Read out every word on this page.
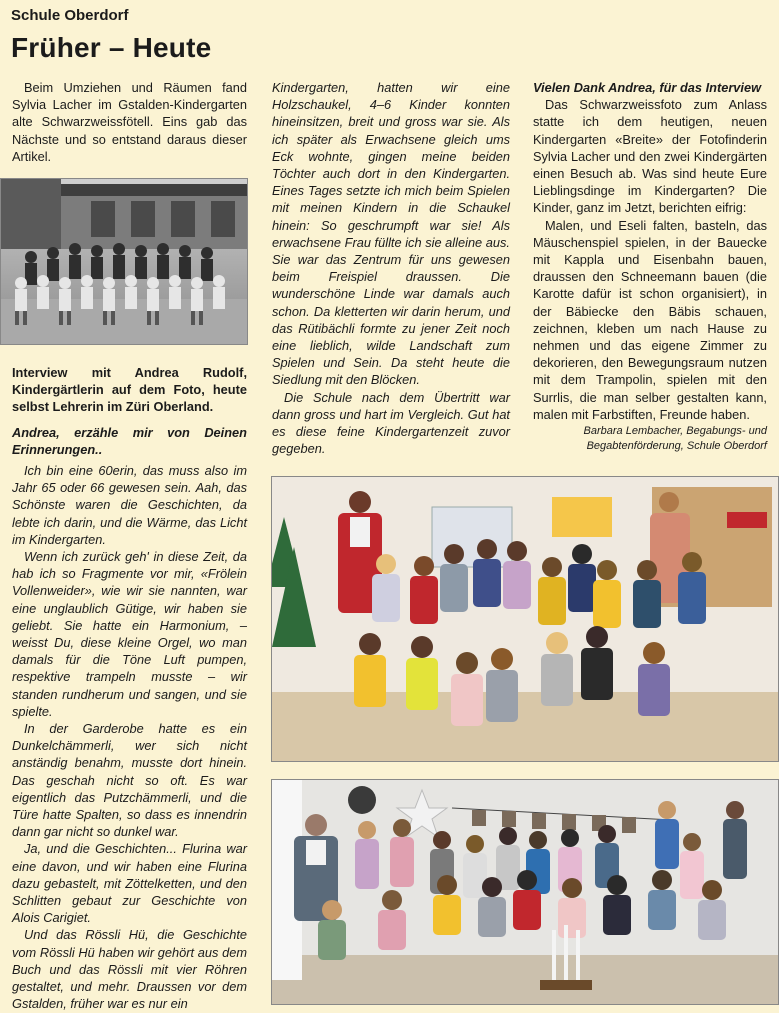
Schule Oberdorf
Früher – Heute

Beim Umziehen und Räumen fand Sylvia Lacher im Gstalden-Kindergarten alte Schwarzweissfötell. Eins gab das Nächste und so entstand daraus dieser Artikel.

Interview mit Andrea Rudolf, Kindergärtlerin auf dem Foto, heute selbst Lehrerin im Züri Oberland.

Andrea, erzähle mir von Deinen Erinnerungen..

Ich bin eine 60erin, das muss also im Jahr 65 oder 66 gewesen sein. Aah, das Schönste waren die Geschichten, da lebte ich darin, und die Wärme, das Licht im Kindergarten.

Wenn ich zurück geh' in diese Zeit, da hab ich so Fragmente vor mir, «Frölein Vollenweider», wie wir sie nannten, war eine unglaublich Gütige, wir haben sie geliebt. Sie hatte ein Harmonium, – weisst Du, diese kleine Orgel, wo man damals für die Töne Luft pumpen, respektive trampeln musste – wir standen rundherum und sangen, und sie spielte.

In der Garderobe hatte es ein Dunkelchämmerli, wer sich nicht anständig benahm, musste dort hinein. Das geschah nicht so oft. Es war eigentlich das Putzchämmerli, und die Türe hatte Spalten, so dass es innendrin dann gar nicht so dunkel war.

Ja, und die Geschichten... Flurina war eine davon, und wir haben eine Flurina dazu gebastelt, mit Zöttelketten, und den Schlitten gebaut zur Geschichte von Alois Carigiet.

Und das Rössli Hü, die Geschichte vom Rössli Hü haben wir gehört aus dem Buch und das Rössli mit vier Röhren gestaltet, und mehr. Draussen vor dem Gstalden, früher war es nur ein

Kindergarten, hatten wir eine Holzschaukel, 4–6 Kinder konnten hineinsitzen, breit und gross war sie. Als ich später als Erwachsene gleich ums Eck wohnte, gingen meine beiden Töchter auch dort in den Kindergarten. Eines Tages setzte ich mich beim Spielen mit meinen Kindern in die Schaukel hinein: So geschrumpft war sie! Als erwachsene Frau füllte ich sie alleine aus. Sie war das Zentrum für uns gewesen beim Freispiel draussen. Die wunderschöne Linde war damals auch schon. Da kletterten wir darin herum, und das Rütibächli formte zu jener Zeit noch eine lieblich, wilde Landschaft zum Spielen und Sein. Da steht heute die Siedlung mit den Blöcken.

Die Schule nach dem Übertritt war dann gross und hart im Vergleich. Gut hat es diese feine Kindergartenzeit zuvor gegeben.

Vielen Dank Andrea, für das Interview

Das Schwarzweissfoto zum Anlass statte ich dem heutigen, neuen Kindergarten «Breite» der Fotofinderin Sylvia Lacher und den zwei Kindergärten einen Besuch ab. Was sind heute Eure Lieblingsdinge im Kindergarten? Die Kinder, ganz im Jetzt, berichten eifrig:

Malen, und Eseli falten, basteln, das Mäuschenspiel spielen, in der Bauecke mit Kappla und Eisenbahn bauen, draussen den Schneemann bauen (die Karotte dafür ist schon organisiert), in der Bäbiecke den Bäbis schauen, zeichnen, kleben um nach Hause zu nehmen und das eigene Zimmer zu dekorieren, den Bewegungsraum nutzen mit dem Trampolin, spielen mit den Surrlis, die man selber gestalten kann, malen mit Farbstiften, Freunde haben.

Barbara Lembacher, Begabungs- und Begabtenförderung, Schule Oberdorf
